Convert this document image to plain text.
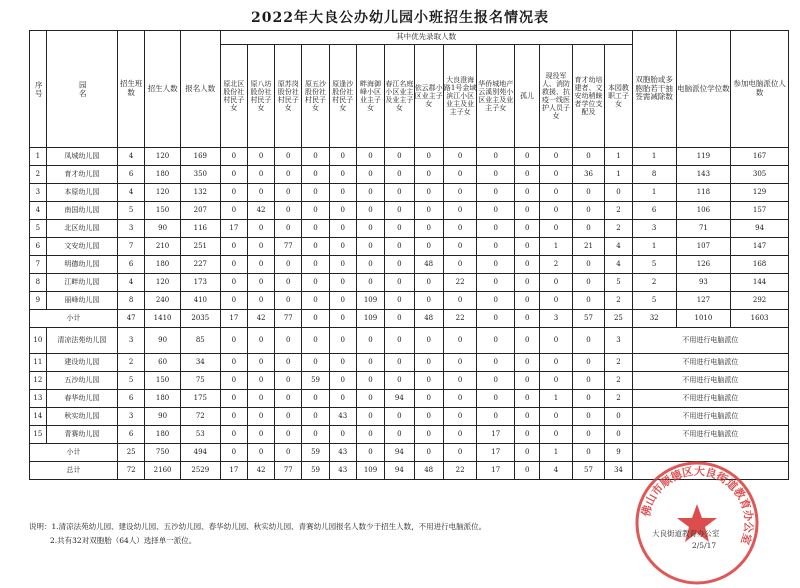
2022年大良公办幼儿园小班招生报名情况表
序号	园名	招生班数	招生人数	报名人数	其中优先录取人数														双胞胎或多胞胎若干抽签需减除数	电脑派位学位数	参加电脑派位人数
					原北区股份社村民子女	原八坊股份社村民子女	原苏岗股份社村民子女	原五沙股份社村民子女	原逢沙股份社村民子女	畔海御峰小区业主子女	春江名庭小区业主及业主子女	依云郡小区业主子女	大良澄海路1号金域滨江小区业主及业主子女	华侨城地产云溪别苑小区业主及业主子女	孤儿	现役军人、消防救援、抗疫一线医护人员子女	育才幼培建者、文安幼稍睐者学位支配及	本园教职工子女			
1	凤城幼儿园	4	120	169	0	0	0	0	0	0	0	0	0	0	0	0	0	1	1	119	167
2	育才幼儿园	6	180	350	0	0	0	0	0	0	0	0	0	0	0	0	36	1	8	143	305
3	本原幼儿园	4	120	132	0	0	0	0	0	0	0	0	0	0	0	0	0	0	1	118	129
4	南国幼儿园	5	150	207	0	42	0	0	0	0	0	0	0	0	0	0	0	2	6	106	157
5	北区幼儿园	3	90	116	17	0	0	0	0	0	0	0	0	0	0	0	0	2	3	71	94
6	文安幼儿园	7	210	251	0	0	77	0	0	0	0	0	0	0	0	1	21	4	1	107	147
7	明德幼儿园	6	180	227	0	0	0	0	0	0	0	48	0	0	0	2	0	4	5	126	168
8	江畔幼儿园	4	120	173	0	0	0	0	0	0	0	0	22	0	0	0	0	5	2	93	144
9	丽峰幼儿园	8	240	410	0	0	0	0	0	109	0	0	0	0	0	0	0	2	5	127	292
小计		47	1410	2035	17	42	77	0	0	109	0	48	22	0	0	3	57	25	32	1010	1603
10	清凉法苑幼儿园	3	90	85	0	0	0	0	0	0	0	0	0	0	0	0	0	3	不用进行电脑派位		
11	建设幼儿园	2	60	34	0	0	0	0	0	0	0	0	0	0	0	0	0	2	不用进行电脑派位		
12	五沙幼儿园	5	150	75	0	0	0	59	0	0	0	0	0	0	0	0	0	2	不用进行电脑派位		
13	春华幼儿园	6	180	175	0	0	0	0	0	0	94	0	0	0	0	1	0	2	不用进行电脑派位		
14	秋实幼儿园	3	90	72	0	0	0	0	43	0	0	0	0	0	0	0	0	0	不用进行电脑派位		
15	青赛幼儿园	6	180	53	0	0	0	0	0	0	0	0	0	17	0	0	0	0	不用进行电脑派位		
小计		25	750	494	0	0	0	59	43	0	94	0	0	17	0	1	0	9			
总计		72	2160	2529	17	42	77	59	43	109	94	48	22	17	0	4	57	34			
说明：1.清凉法苑幼儿园、建设幼儿园、五沙幼儿园、春华幼儿园、秋实幼儿园、青赛幼儿园报名人数少于招生人数，不用进行电脑派位。
2.共有32对双胞胎（64人）选择单一派位。
佛山市顺德区大良街道教育办公室
大良街道教育办公室
2/5/17
